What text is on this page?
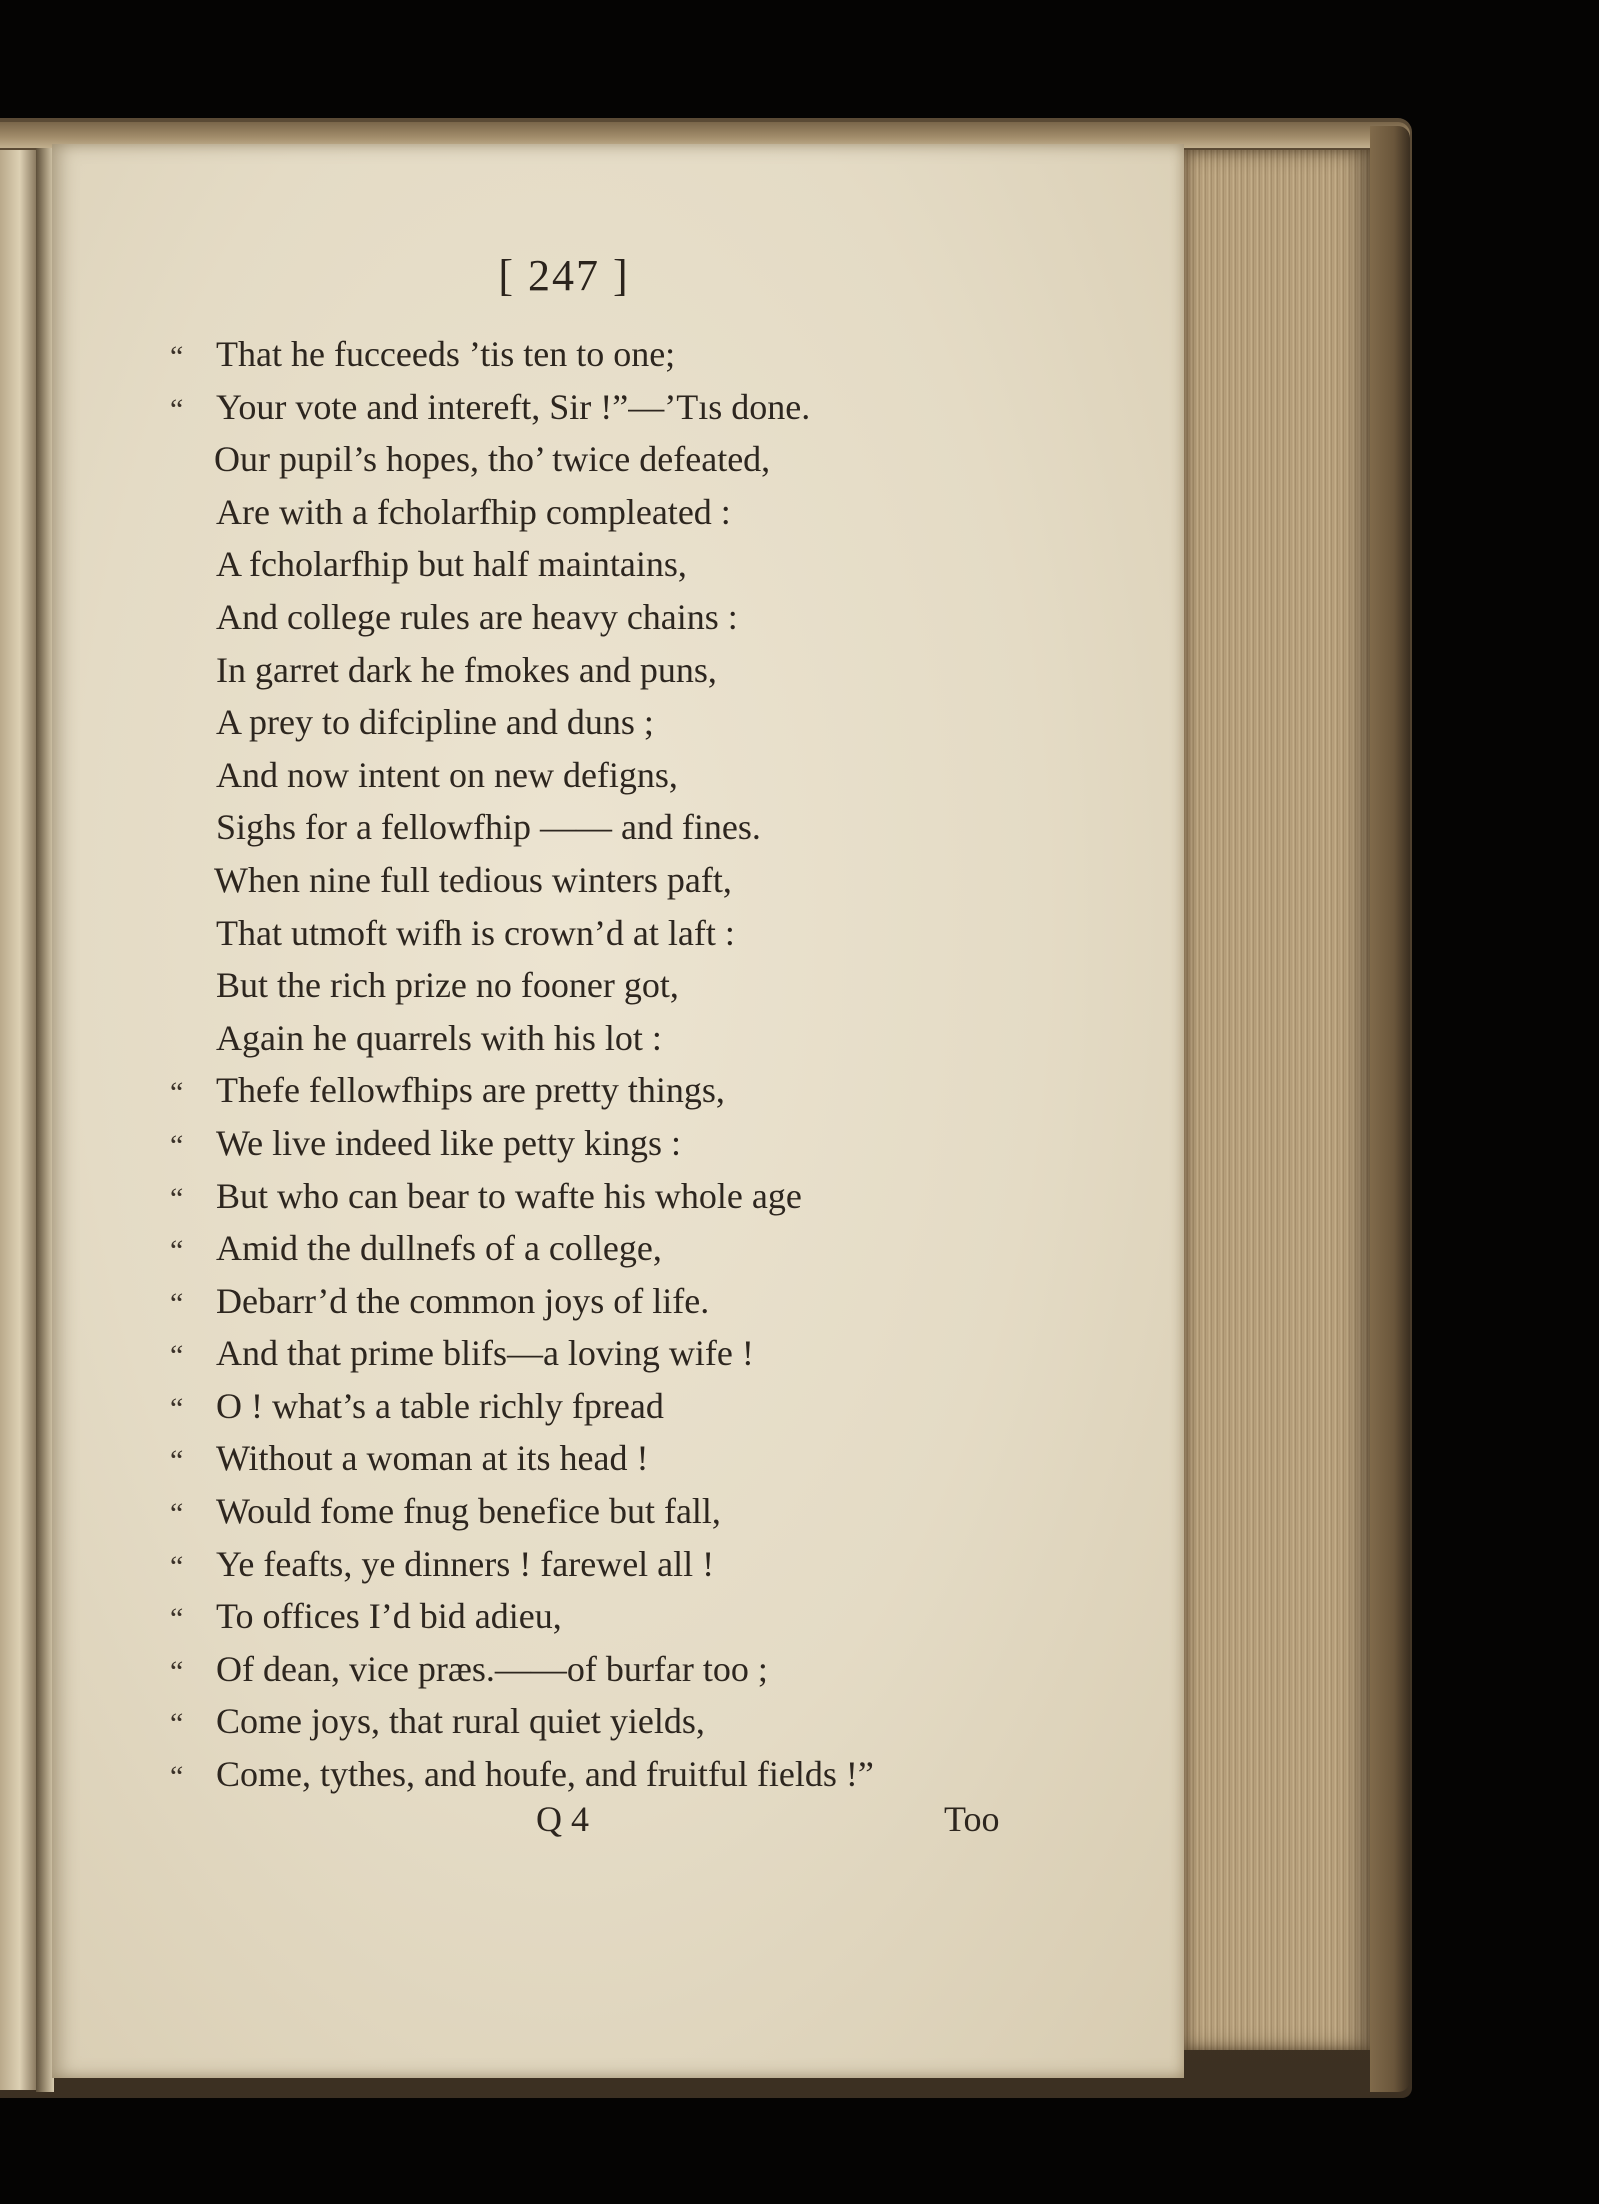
[ 247 ]
“ That he fucceeds ’tis ten to one;
“ Your vote and intereft, Sir !”—’Tıs done.
Our pupil’s hopes, tho’ twice defeated,
Are with a fcholarfhip compleated :
A fcholarfhip but half maintains,
And college rules are heavy chains :
In garret dark he fmokes and puns,
A prey to difcipline and duns ;
And now intent on new defigns,
Sighs for a fellowfhip —— and fines.
When nine full tedious winters paft,
That utmoft wifh is crown’d at laft :
But the rich prize no fooner got,
Again he quarrels with his lot :
“ Thefe fellowfhips are pretty things,
“ We live indeed like petty kings :
“ But who can bear to wafte his whole age
“ Amid the dullnefs of a college,
“ Debarr’d the common joys of life.
“ And that prime blifs—a loving wife !
“ O ! what’s a table richly fpread
“ Without a woman at its head !
“ Would fome fnug benefice but fall,
“ Ye feafts, ye dinners ! farewel all !
“ To offices I’d bid adieu,
“ Of dean, vice præs.——of burfar too ;
“ Come joys, that rural quiet yields,
“ Come, tythes, and houfe, and fruitful fields !”
Q 4	Too
